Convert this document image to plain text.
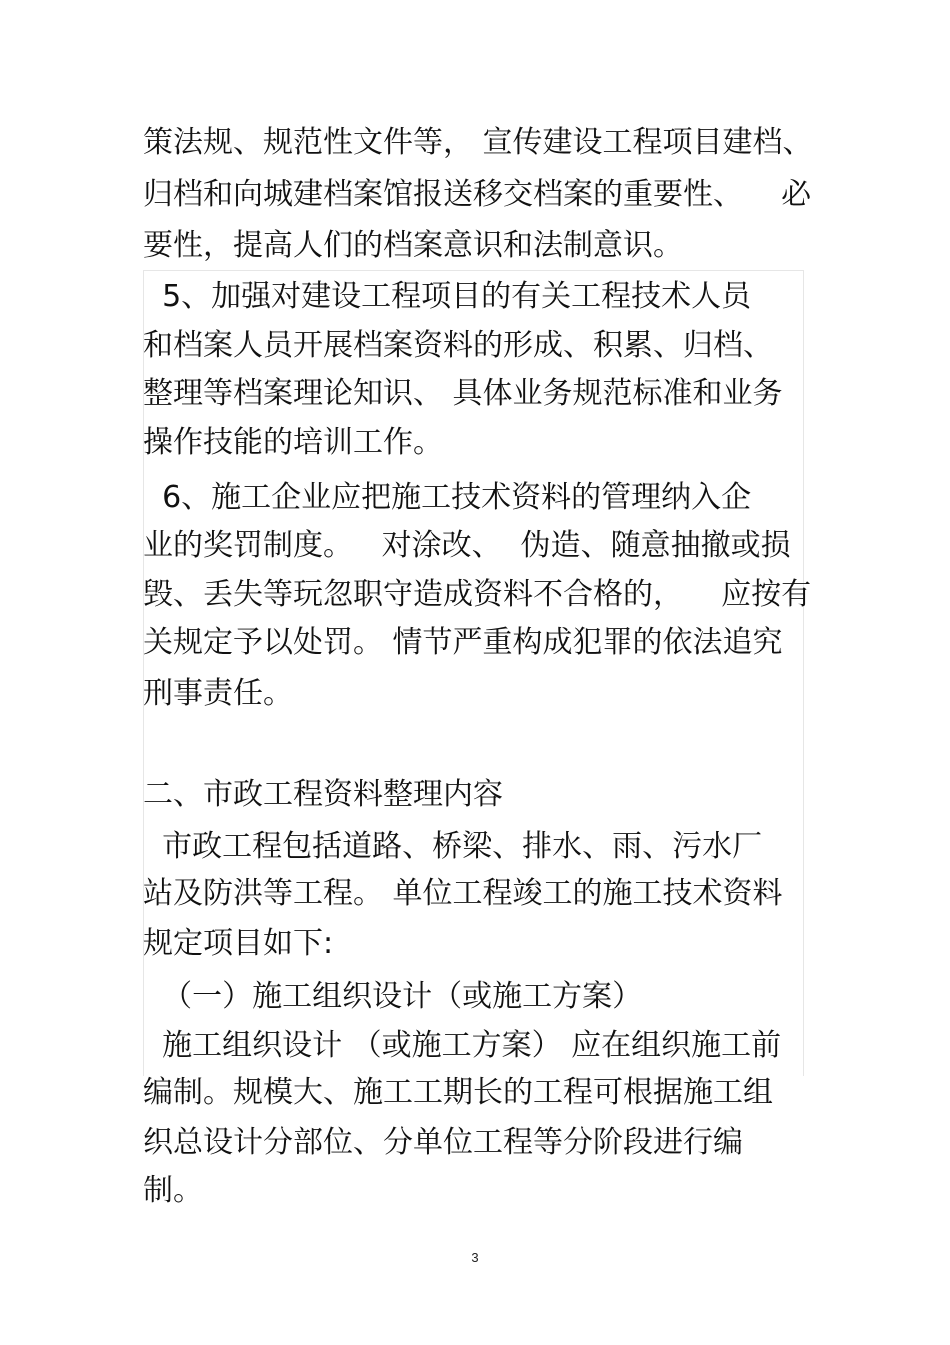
策法规、规范性文件等， 宣传建设工程项目建档、
归档和向城建档案馆报送移交档案的重要性、    必
要性，提高人们的档案意识和法制意识。
5、加强对建设工程项目的有关工程技术人员
和档案人员开展档案资料的形成、积累、归档、
整理等档案理论知识、 具体业务规范标准和业务
操作技能的培训工作。
6、施工企业应把施工技术资料的管理纳入企
业的奖罚制度。   对涂改、  伪造、随意抽撤或损
毁、丢失等玩忽职守造成资料不合格的，    应按有
关规定予以处罚。 情节严重构成犯罪的依法追究
刑事责任。
二、市政工程资料整理内容
市政工程包括道路、桥梁、排水、雨、污水厂
站及防洪等工程。 单位工程竣工的施工技术资料
规定项目如下:
（一）施工组织设计（或施工方案）
施工组织设计 （或施工方案） 应在组织施工前
编制。规模大、施工工期长的工程可根据施工组
织总设计分部位、分单位工程等分阶段进行编
制。
3
